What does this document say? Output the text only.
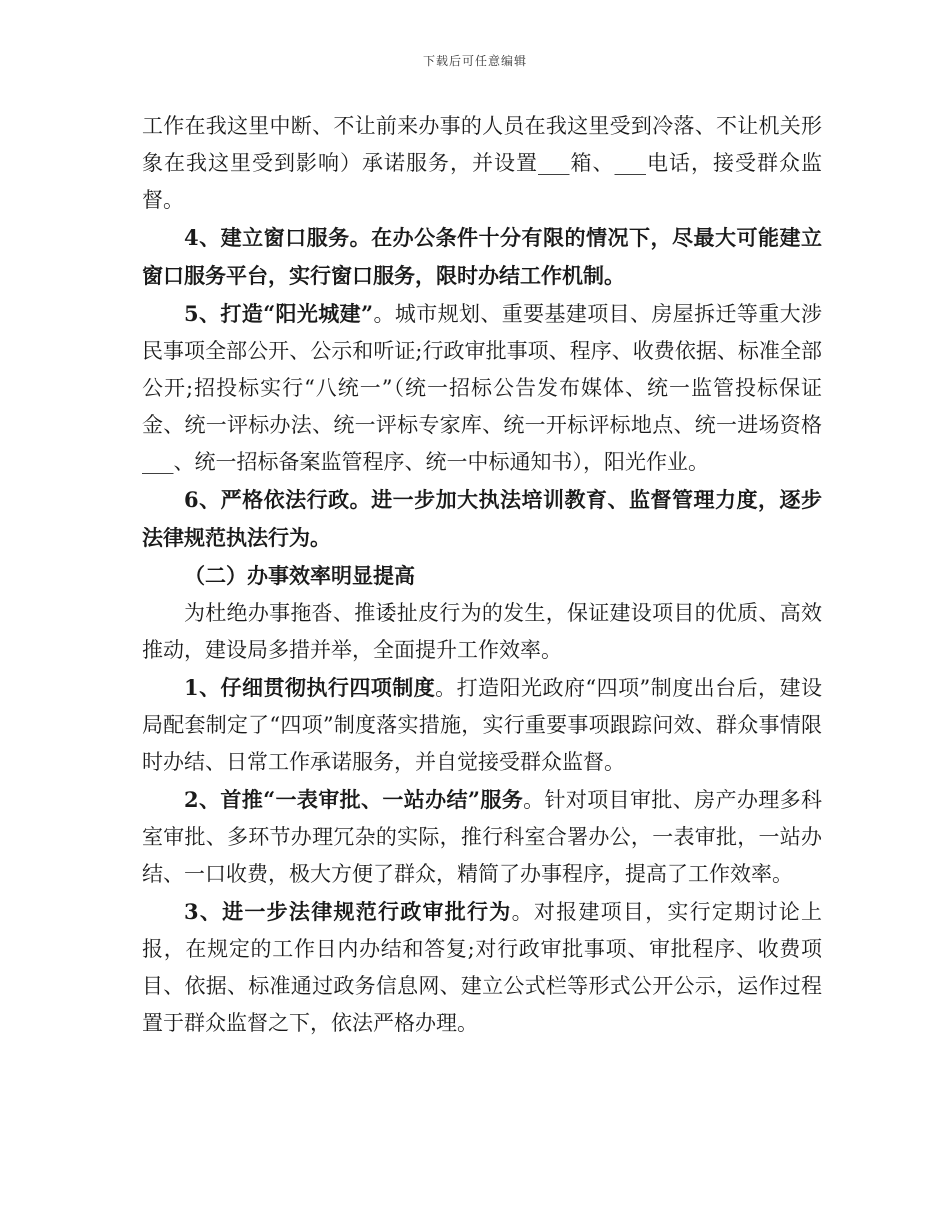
下载后可任意编辑

工作在我这里中断、不让前来办事的人员在我这里受到冷落、不让机关形象在我这里受到影响）承诺服务，并设置___箱、___电话，接受群众监督。

4、建立窗口服务。在办公条件十分有限的情况下，尽最大可能建立窗口服务平台，实行窗口服务，限时办结工作机制。

5、打造“阳光城建”。城市规划、重要基建项目、房屋拆迁等重大涉民事项全部公开、公示和听证;行政审批事项、程序、收费依据、标准全部公开;招投标实行“八统一”（统一招标公告发布媒体、统一监管投标保证金、统一评标办法、统一评标专家库、统一开标评标地点、统一进场资格___、统一招标备案监管程序、统一中标通知书），阳光作业。

6、严格依法行政。进一步加大执法培训教育、监督管理力度，逐步法律规范执法行为。

（二）办事效率明显提高

为杜绝办事拖沓、推诿扯皮行为的发生，保证建设项目的优质、高效推动，建设局多措并举，全面提升工作效率。

1、仔细贯彻执行四项制度。打造阳光政府“四项”制度出台后，建设局配套制定了“四项”制度落实措施，实行重要事项跟踪问效、群众事情限时办结、日常工作承诺服务，并自觉接受群众监督。

2、首推“一表审批、一站办结”服务。针对项目审批、房产办理多科室审批、多环节办理冗杂的实际，推行科室合署办公，一表审批，一站办结、一口收费，极大方便了群众，精简了办事程序，提高了工作效率。

3、进一步法律规范行政审批行为。对报建项目，实行定期讨论上报，在规定的工作日内办结和答复;对行政审批事项、审批程序、收费项目、依据、标准通过政务信息网、建立公式栏等形式公开公示，运作过程置于群众监督之下，依法严格办理。
